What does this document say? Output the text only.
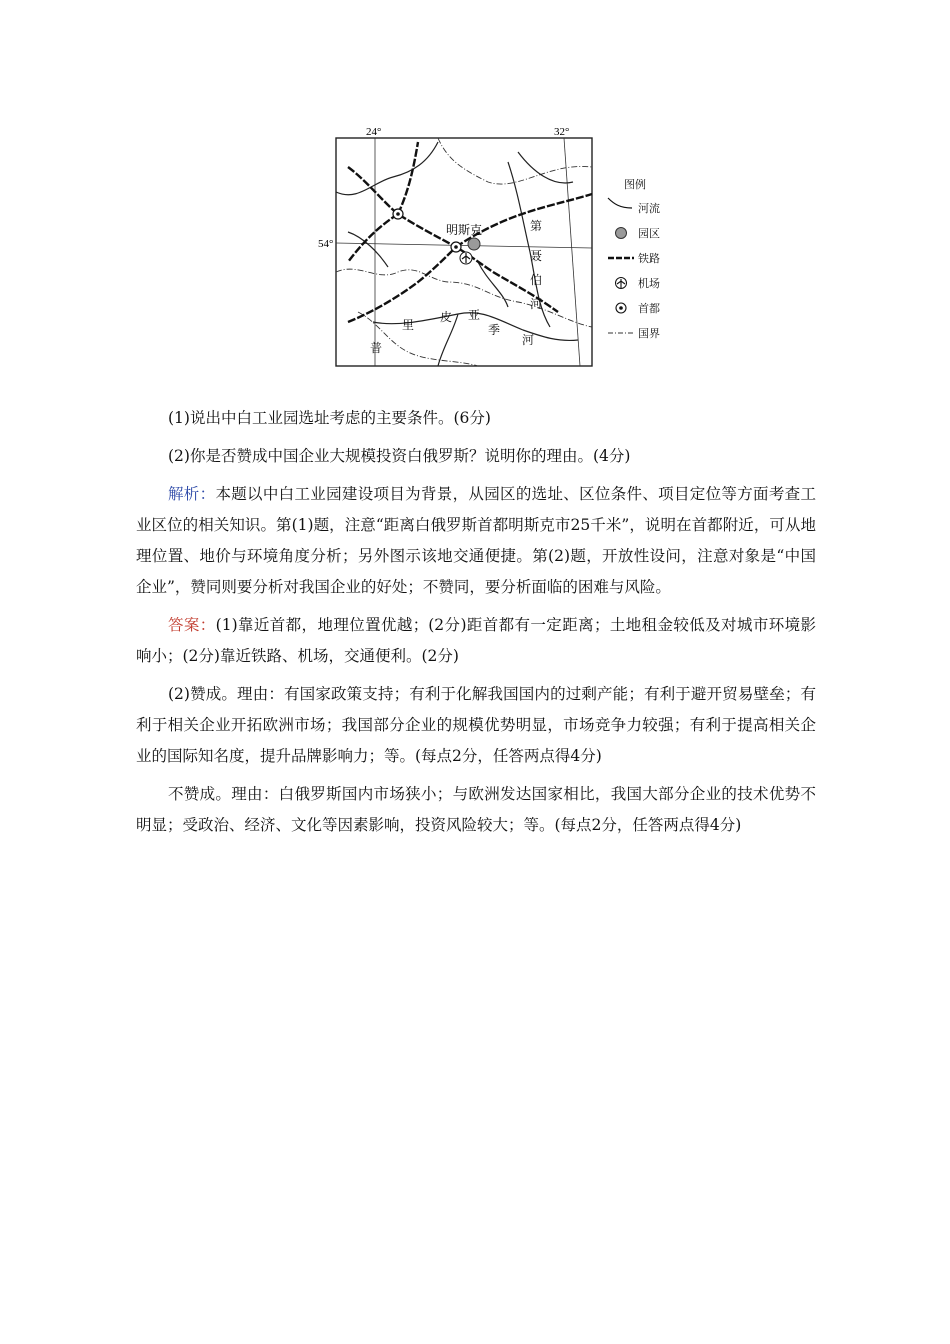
24°	32°
54°
明斯克	第
聂
伯
河
普
里
皮 亚
季
河
图例
河流
园区
铁路
机场
首都
国界

(1)说出中白工业园选址考虑的主要条件。(6分)

(2)你是否赞成中国企业大规模投资白俄罗斯？说明你的理由。(4分)

解析：本题以中白工业园建设项目为背景，从园区的选址、区位条件、项目定位等方面考查工业区位的相关知识。第(1)题，注意“距离白俄罗斯首都明斯克市25千米”，说明在首都附近，可从地理位置、地价与环境角度分析；另外图示该地交通便捷。第(2)题，开放性设问，注意对象是“中国企业”，赞同则要分析对我国企业的好处；不赞同，要分析面临的困难与风险。

答案：(1)靠近首都，地理位置优越；(2分)距首都有一定距离；土地租金较低及对城市环境影响小；(2分)靠近铁路、机场，交通便利。(2分)

(2)赞成。理由：有国家政策支持；有利于化解我国国内的过剩产能；有利于避开贸易壁垒；有利于相关企业开拓欧洲市场；我国部分企业的规模优势明显，市场竞争力较强；有利于提高相关企业的国际知名度，提升品牌影响力；等。(每点2分，任答两点得4分)

不赞成。理由：白俄罗斯国内市场狭小；与欧洲发达国家相比，我国大部分企业的技术优势不明显；受政治、经济、文化等因素影响，投资风险较大；等。(每点2分，任答两点得4分)
